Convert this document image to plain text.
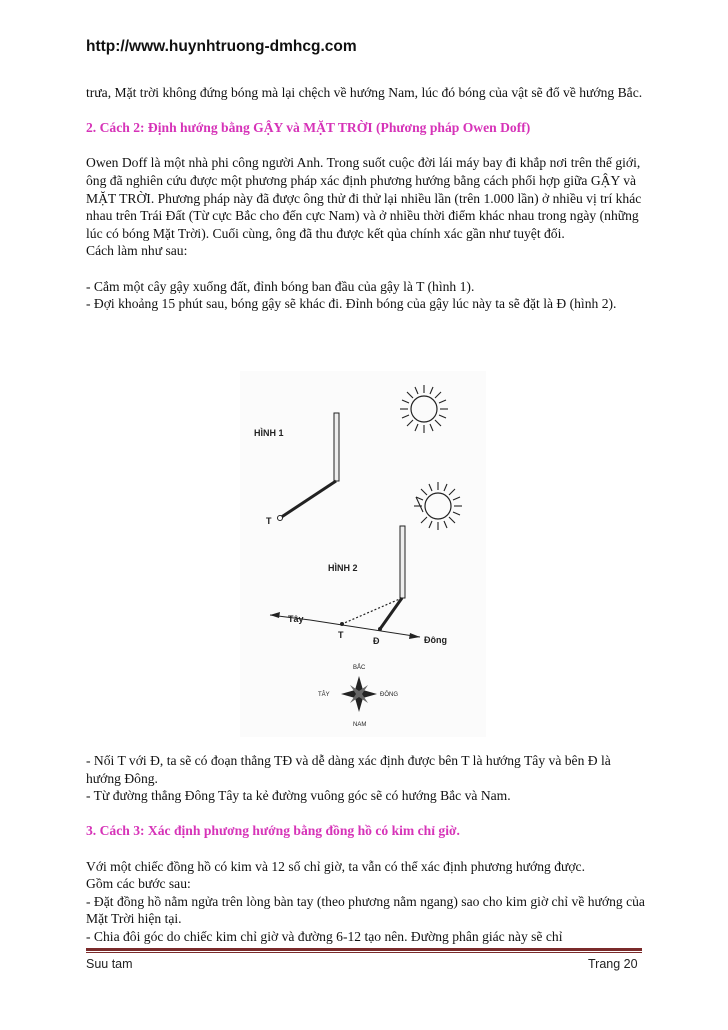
http://www.huynhtruong-dmhcg.com

trưa, Mặt trời không đứng bóng mà lại chệch về hướng Nam, lúc đó bóng của vật sẽ đổ về hướng Bắc.

2. Cách 2: Định hướng bằng GẬY và MẶT TRỜI (Phương pháp Owen Doff)

Owen Doff là một nhà phi công người Anh. Trong suốt cuộc đời lái máy bay đi khắp nơi trên thế giới, ông đã nghiên cứu được một phương pháp xác định phương hướng bằng cách phối hợp giữa GẬY và MẶT TRỜI. Phương pháp này đã được ông thử đi thử lại nhiều lần (trên 1.000 lần) ở nhiều vị trí khác nhau trên Trái Đất (Từ cực Bắc cho đến cực Nam) và ở nhiều thời điểm khác nhau trong ngày (những lúc có bóng Mặt Trời). Cuối cùng, ông đã thu được kết qủa chính xác gần như tuyệt đối.

Cách làm như sau:

- Cắm một cây gậy xuống đất, đỉnh bóng ban đầu của gậy là T (hình 1).

- Đợi khoảng 15 phút sau, bóng gậy sẽ khác đi. Đỉnh bóng của gậy lúc này ta sẽ đặt là Đ (hình 2).

HÌNH 1
T
HÌNH 2
Tây
T
Đ	Đông
BẮC
NAM
TÂY	ĐÔNG

- Nối T với Đ, ta sẽ có đoạn thẳng TĐ và dễ dàng xác định được bên T là hướng Tây và bên Đ là hướng Đông.

- Từ đường thẳng Đông Tây ta kẻ đường vuông góc sẽ có hướng Bắc và Nam.

3. Cách 3: Xác định phương hướng bằng đồng hồ có kim chỉ giờ.

Với một chiếc đồng hồ có kim và 12 số chỉ giờ, ta vẫn có thể xác định phương hướng được.

Gồm các bước sau:

- Đặt đồng hồ nằm ngửa trên lòng bàn tay (theo phương nằm ngang) sao cho kim giờ chỉ về hướng của Mặt Trời hiện tại.

- Chia đôi góc do chiếc kim chỉ giờ và đường 6-12 tạo nên. Đường phân giác này sẽ chỉ

Suu tam	Trang 20
